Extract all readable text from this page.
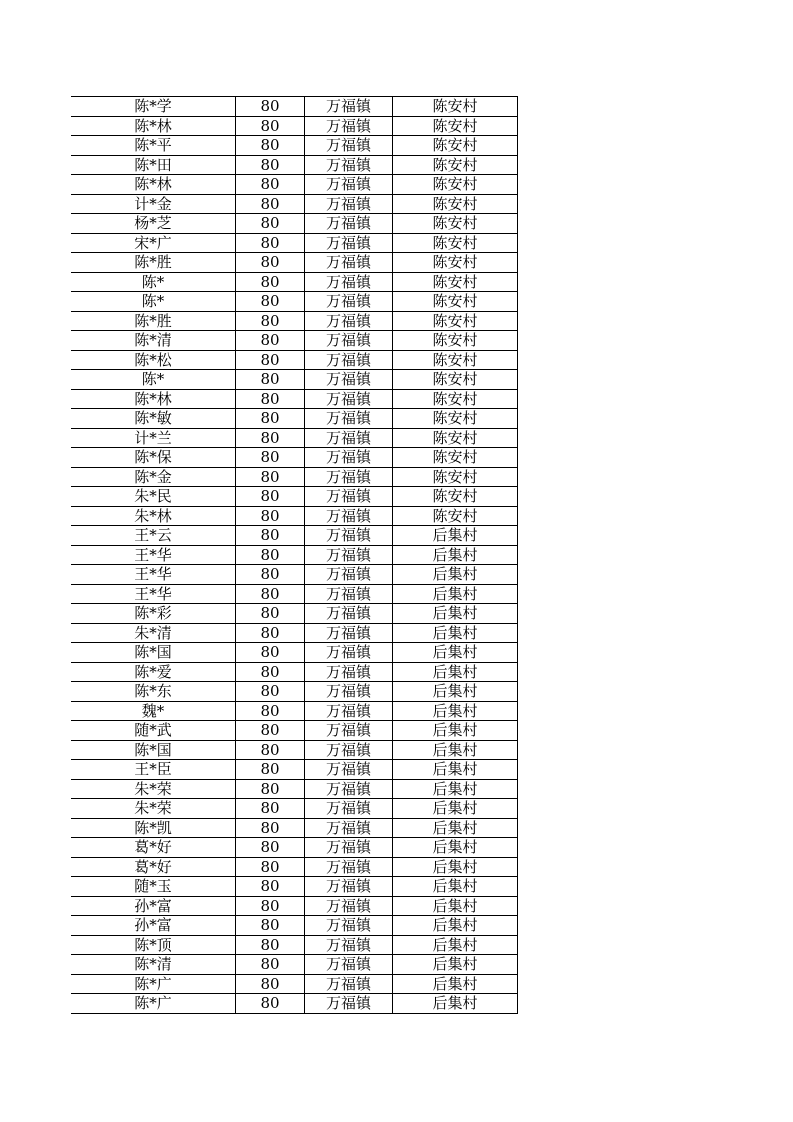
陈*学	80	万福镇	陈安村
陈*林	80	万福镇	陈安村
陈*平	80	万福镇	陈安村
陈*田	80	万福镇	陈安村
陈*林	80	万福镇	陈安村
计*金	80	万福镇	陈安村
杨*芝	80	万福镇	陈安村
宋*广	80	万福镇	陈安村
陈*胜	80	万福镇	陈安村
陈*	80	万福镇	陈安村
陈*	80	万福镇	陈安村
陈*胜	80	万福镇	陈安村
陈*清	80	万福镇	陈安村
陈*松	80	万福镇	陈安村
陈*	80	万福镇	陈安村
陈*林	80	万福镇	陈安村
陈*敏	80	万福镇	陈安村
计*兰	80	万福镇	陈安村
陈*保	80	万福镇	陈安村
陈*金	80	万福镇	陈安村
朱*民	80	万福镇	陈安村
朱*林	80	万福镇	陈安村
王*云	80	万福镇	后集村
王*华	80	万福镇	后集村
王*华	80	万福镇	后集村
王*华	80	万福镇	后集村
陈*彩	80	万福镇	后集村
朱*清	80	万福镇	后集村
陈*国	80	万福镇	后集村
陈*爱	80	万福镇	后集村
陈*东	80	万福镇	后集村
魏*	80	万福镇	后集村
随*武	80	万福镇	后集村
陈*国	80	万福镇	后集村
王*臣	80	万福镇	后集村
朱*荣	80	万福镇	后集村
朱*荣	80	万福镇	后集村
陈*凯	80	万福镇	后集村
葛*好	80	万福镇	后集村
葛*好	80	万福镇	后集村
随*玉	80	万福镇	后集村
孙*富	80	万福镇	后集村
孙*富	80	万福镇	后集村
陈*顶	80	万福镇	后集村
陈*清	80	万福镇	后集村
陈*广	80	万福镇	后集村
陈*广	80	万福镇	后集村
